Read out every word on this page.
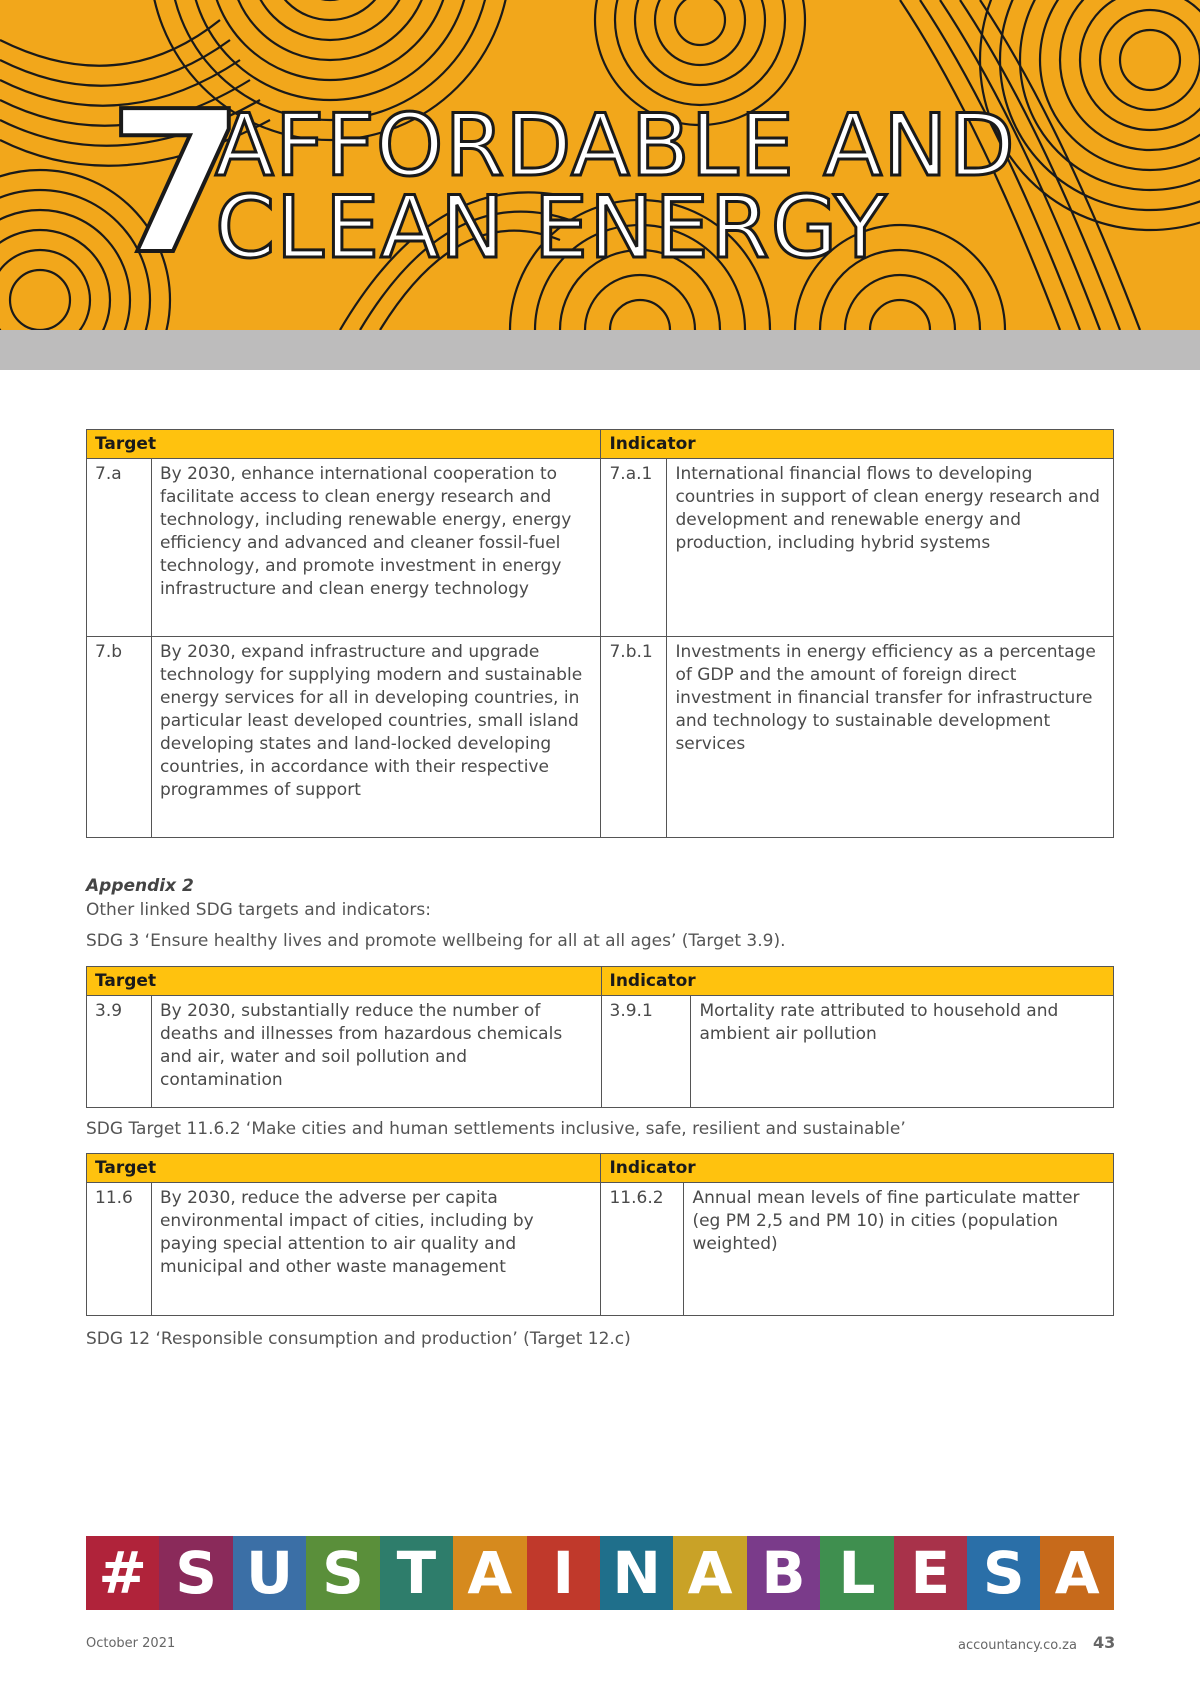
7
AFFORDABLE AND
CLEAN ENERGY
Target		Indicator	
7.a	By 2030, enhance international cooperation to facilitate access to clean energy research and technology, including renewable energy, energy efficiency and advanced and cleaner fossil-fuel technology, and promote investment in energy infrastructure and clean energy technology	7.a.1	International financial flows to developing countries in support of clean energy research and development and renewable energy and production, including hybrid systems
7.b	By 2030, expand infrastructure and upgrade technology for supplying modern and sustainable energy services for all in developing countries, in particular least developed countries, small island developing states and land-locked developing countries, in accordance with their respective programmes of support	7.b.1	Investments in energy efficiency as a percentage of GDP and the amount of foreign direct investment in financial transfer for infrastructure and technology to sustainable development services
Appendix 2
Other linked SDG targets and indicators:
SDG 3 ‘Ensure healthy lives and promote wellbeing for all at all ages’ (Target 3.9).
Target		Indicator	
3.9	By 2030, substantially reduce the number of deaths and illnesses from hazardous chemicals and air, water and soil pollution and contamination	3.9.1	Mortality rate attributed to household and ambient air pollution
SDG Target 11.6.2 ‘Make cities and human settlements inclusive, safe, resilient and sustainable’
Target		Indicator	
11.6	By 2030, reduce the adverse per capita environmental impact of cities, including by paying special attention to air quality and municipal and other waste management	11.6.2	Annual mean levels of fine particulate matter (eg PM 2,5 and PM 10) in cities (population weighted)
SDG 12 ‘Responsible consumption and production’ (Target 12.c)
# S U S T A I N A B L E S A
October 2021	accountancy.co.za 43
